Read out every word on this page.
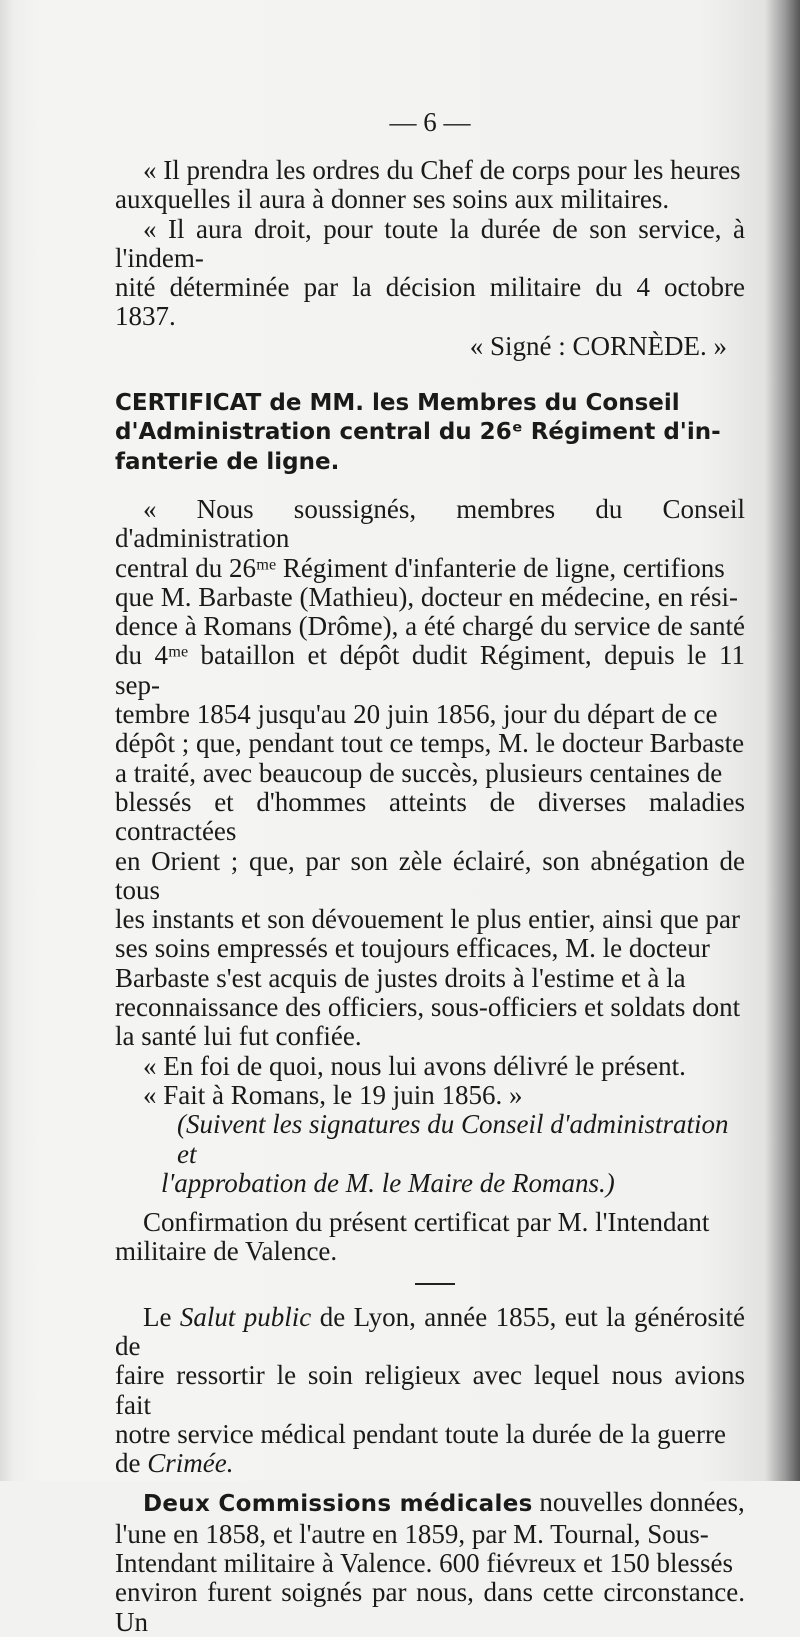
— 6 —

« Il prendra les ordres du Chef de corps pour les heures

auxquelles il aura à donner ses soins aux militaires.

« Il aura droit, pour toute la durée de son service, à l'indem-

nité déterminée par la décision militaire du 4 octobre 1837.

« Signé : CORNÈDE. »

CERTIFICAT de MM. les Membres du Conseil

d'Administration central du 26ᵉ Régiment d'in-

fanterie de ligne.

« Nous soussignés, membres du Conseil d'administration

central du 26ᵐᵉ Régiment d'infanterie de ligne, certifions

que M. Barbaste (Mathieu), docteur en médecine, en rési-

dence à Romans (Drôme), a été chargé du service de santé

du 4ᵐᵉ bataillon et dépôt dudit Régiment, depuis le 11 sep-

tembre 1854 jusqu'au 20 juin 1856, jour du départ de ce

dépôt ; que, pendant tout ce temps, M. le docteur Barbaste

a traité, avec beaucoup de succès, plusieurs centaines de

blessés et d'hommes atteints de diverses maladies contractées

en Orient ; que, par son zèle éclairé, son abnégation de tous

les instants et son dévouement le plus entier, ainsi que par

ses soins empressés et toujours efficaces, M. le docteur

Barbaste s'est acquis de justes droits à l'estime et à la

reconnaissance des officiers, sous-officiers et soldats dont

la santé lui fut confiée.

« En foi de quoi, nous lui avons délivré le présent.

« Fait à Romans, le 19 juin 1856. »

(Suivent les signatures du Conseil d'administration et

l'approbation de M. le Maire de Romans.)

Confirmation du présent certificat par M. l'Intendant

militaire de Valence.

Le Salut public de Lyon, année 1855, eut la générosité de

faire ressortir le soin religieux avec lequel nous avions fait

notre service médical pendant toute la durée de la guerre

de Crimée.

Deux Commissions médicales nouvelles données,

l'une en 1858, et l'autre en 1859, par M. Tournal, Sous-

Intendant militaire à Valence. 600 fiévreux et 150 blessés

environ furent soignés par nous, dans cette circonstance. Un
